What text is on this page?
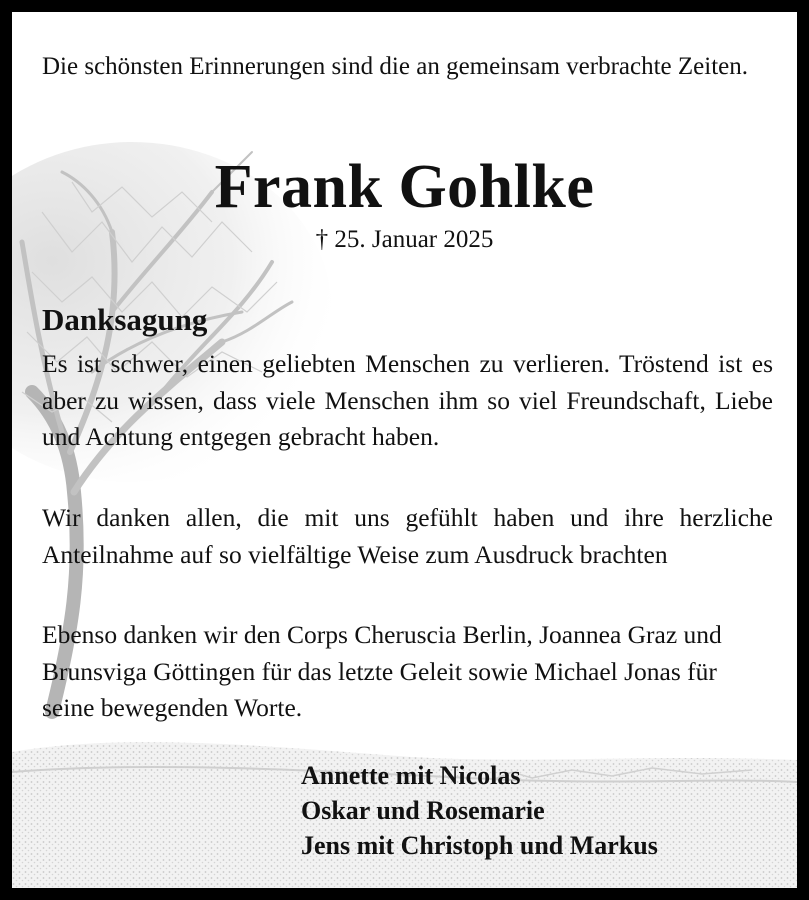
Die schönsten Erinnerungen sind die an gemeinsam verbrachte Zeiten.
Frank Gohlke
† 25. Januar 2025
Danksagung
Es ist schwer, einen geliebten Menschen zu verlieren. Tröstend ist es aber zu wissen, dass viele Menschen ihm so viel Freundschaft, Liebe und Achtung entgegen gebracht haben.
Wir danken allen, die mit uns gefühlt haben und ihre herzliche Anteilnahme auf so vielfältige Weise zum Ausdruck brachten
Ebenso danken wir den Corps Cheruscia Berlin, Joannea Graz und Brunsviga Göttingen für das letzte Geleit sowie Michael Jonas für seine bewegenden Worte.
Annette mit Nicolas
Oskar und Rosemarie
Jens mit Christoph und Markus
